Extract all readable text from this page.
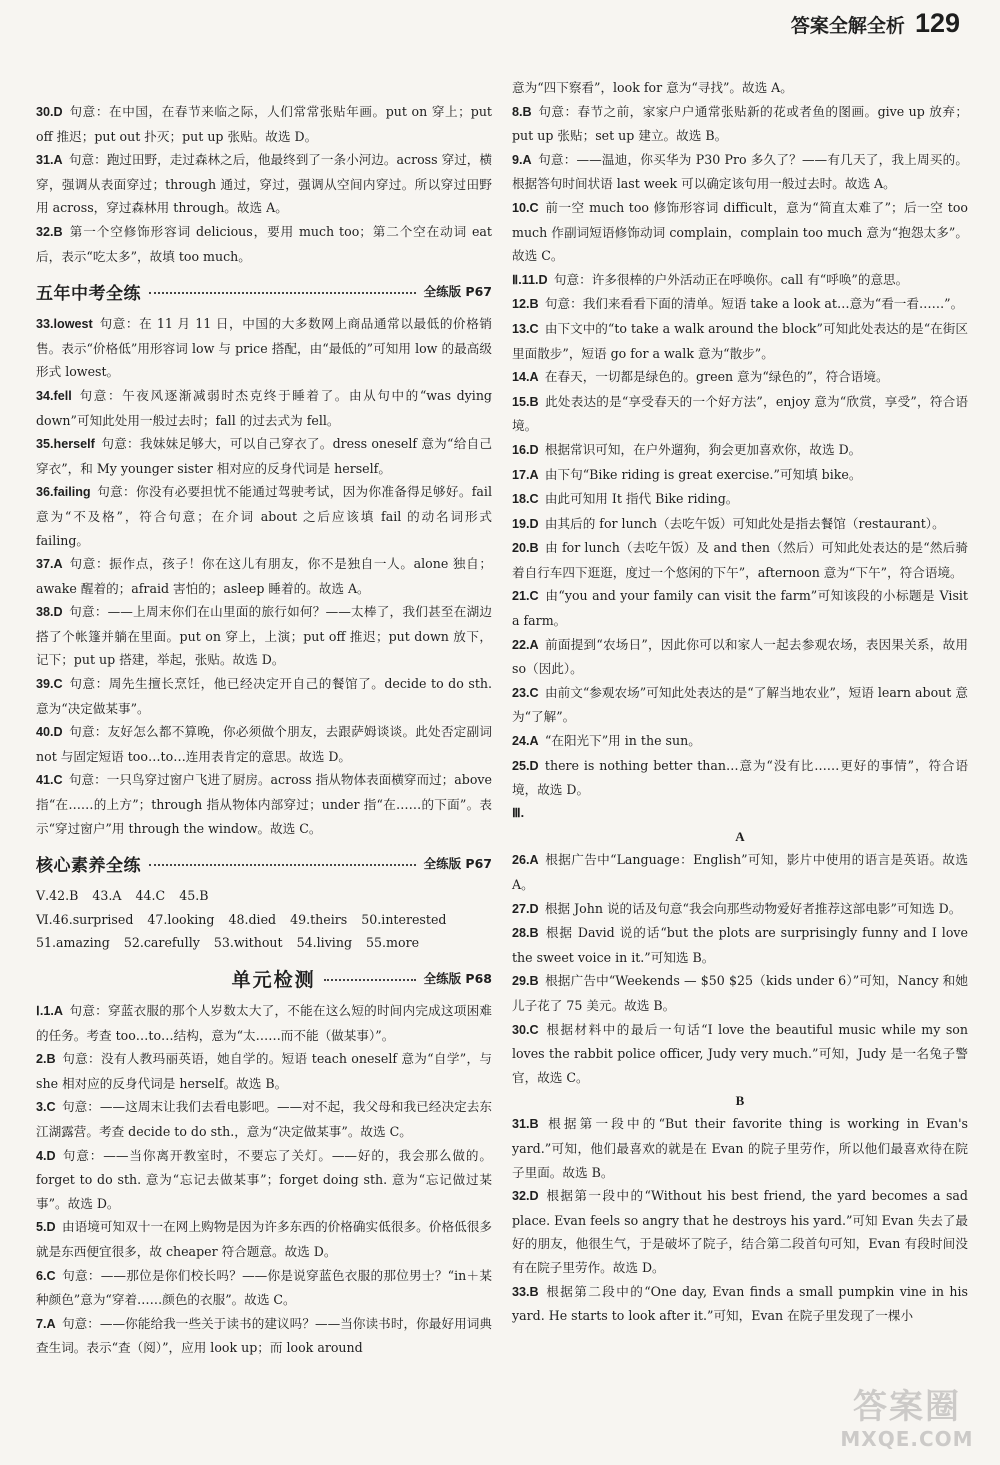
答案全解全析 129

30.D  句意：在中国，在春节来临之际，人们常常张贴年画。put on 穿上；put off 推迟；put out 扑灭；put up 张贴。故选 D。

31.A  句意：跑过田野，走过森林之后，他最终到了一条小河边。across 穿过，横穿，强调从表面穿过；through 通过，穿过，强调从空间内穿过。所以穿过田野用 across，穿过森林用 through。故选 A。

32.B  第一个空修饰形容词 delicious，要用 much too；第二个空在动词 eat 后，表示“吃太多”，故填 too much。

五年中考全练	全练版 P67

33.lowest  句意：在 11 月 11 日，中国的大多数网上商品通常以最低的价格销售。表示“价格低”用形容词 low 与 price 搭配，由“最低的”可知用 low 的最高级形式 lowest。

34.fell  句意：午夜风逐渐减弱时杰克终于睡着了。由从句中的“was dying down”可知此处用一般过去时；fall 的过去式为 fell。

35.herself  句意：我妹妹足够大，可以自己穿衣了。dress oneself 意为“给自己穿衣”，和 My younger sister 相对应的反身代词是 herself。

36.failing  句意：你没有必要担忧不能通过驾驶考试，因为你准备得足够好。fail 意为“不及格”，符合句意；在介词 about 之后应该填 fail 的动名词形式 failing。

37.A  句意：振作点，孩子！你在这儿有朋友，你不是独自一人。alone 独自；awake 醒着的；afraid 害怕的；asleep 睡着的。故选 A。

38.D  句意：——上周末你们在山里面的旅行如何？——太棒了，我们甚至在湖边搭了个帐篷并躺在里面。put on 穿上，上演；put off 推迟；put down 放下，记下；put up 搭建，举起，张贴。故选 D。

39.C  句意：周先生擅长烹饪，他已经决定开自己的餐馆了。decide to do sth. 意为“决定做某事”。

40.D  句意：友好怎么都不算晚，你必须做个朋友，去跟萨姆谈谈。此处否定副词 not 与固定短语 too…to…连用表肯定的意思。故选 D。

41.C  句意：一只鸟穿过窗户飞进了厨房。across 指从物体表面横穿而过；above 指“在……的上方”；through 指从物体内部穿过；under 指“在……的下面”。表示“穿过窗户”用 through the window。故选 C。

核心素养全练	全练版 P67

Ⅴ.42.B 43.A 44.C 45.B

Ⅵ.46.surprised 47.looking 48.died 49.theirs 50.interested

51.amazing 52.carefully 53.without 54.living 55.more

单元检测	全练版 P68

Ⅰ.1.A  句意：穿蓝衣服的那个人岁数太大了，不能在这么短的时间内完成这项困难的任务。考查 too…to…结构，意为“太……而不能（做某事）”。

2.B  句意：没有人教玛丽英语，她自学的。短语 teach oneself 意为“自学”，与 she 相对应的反身代词是 herself。故选 B。

3.C  句意：——这周末让我们去看电影吧。——对不起，我父母和我已经决定去东江湖露营。考查 decide to do sth.，意为“决定做某事”。故选 C。

4.D  句意：——当你离开教室时，不要忘了关灯。——好的，我会那么做的。forget to do sth. 意为“忘记去做某事”；forget doing sth. 意为“忘记做过某事”。故选 D。

5.D  由语境可知双十一在网上购物是因为许多东西的价格确实低很多。价格低很多就是东西便宜很多，故 cheaper 符合题意。故选 D。

6.C  句意：——那位是你们校长吗？——你是说穿蓝色衣服的那位男士？“in＋某种颜色”意为“穿着……颜色的衣服”。故选 C。

7.A  句意：——你能给我一些关于读书的建议吗？——当你读书时，你最好用词典查生词。表示“查（阅）”，应用 look up；而 look around

意为“四下察看”，look for 意为“寻找”。故选 A。

8.B  句意：春节之前，家家户户通常张贴新的花或者鱼的图画。give up 放弃；put up 张贴；set up 建立。故选 B。

9.A  句意：——温迪，你买华为 P30 Pro 多久了？——有几天了，我上周买的。根据答句时间状语 last week 可以确定该句用一般过去时。故选 A。

10.C  前一空 much too 修饰形容词 difficult，意为“简直太难了”；后一空 too much 作副词短语修饰动词 complain，complain too much 意为“抱怨太多”。故选 C。

Ⅱ.11.D  句意：许多很棒的户外活动正在呼唤你。call 有“呼唤”的意思。

12.B  句意：我们来看看下面的清单。短语 take a look at…意为“看一看……”。

13.C  由下文中的“to take a walk around the block”可知此处表达的是“在街区里面散步”，短语 go for a walk 意为“散步”。

14.A  在春天，一切都是绿色的。green 意为“绿色的”，符合语境。

15.B  此处表达的是“享受春天的一个好方法”，enjoy 意为“欣赏，享受”，符合语境。

16.D  根据常识可知，在户外遛狗，狗会更加喜欢你，故选 D。

17.A  由下句“Bike riding is great exercise.”可知填 bike。

18.C  由此可知用 It 指代 Bike riding。

19.D  由其后的 for lunch（去吃午饭）可知此处是指去餐馆（restaurant）。

20.B  由 for lunch（去吃午饭）及 and then（然后）可知此处表达的是“然后骑着自行车四下逛逛，度过一个悠闲的下午”，afternoon 意为“下午”，符合语境。

21.C  由“you and your family can visit the farm”可知该段的小标题是 Visit a farm。

22.A  前面提到“农场日”，因此你可以和家人一起去参观农场，表因果关系，故用 so（因此）。

23.C  由前文“参观农场”可知此处表达的是“了解当地农业”，短语 learn about 意为“了解”。

24.A  “在阳光下”用 in the sun。

25.D  there is nothing better than…意为“没有比……更好的事情”，符合语境，故选 D。

Ⅲ.

A

26.A  根据广告中“Language：English”可知，影片中使用的语言是英语。故选 A。

27.D  根据 John 说的话及句意“我会向那些动物爱好者推荐这部电影”可知选 D。

28.B  根据 David 说的话“but the plots are surprisingly funny and I love the sweet voice in it.”可知选 B。

29.B  根据广告中“Weekends — $50 $25（kids under 6）”可知，Nancy 和她儿子花了 75 美元。故选 B。

30.C  根据材料中的最后一句话“I love the beautiful music while my son loves the rabbit police officer, Judy very much.”可知，Judy 是一名兔子警官，故选 C。

B

31.B  根据第一段中的“But their favorite thing is working in Evan's yard.”可知，他们最喜欢的就是在 Evan 的院子里劳作，所以他们最喜欢待在院子里面。故选 B。

32.D  根据第一段中的“Without his best friend, the yard becomes a sad place. Evan feels so angry that he destroys his yard.”可知 Evan 失去了最好的朋友，他很生气，于是破坏了院子，结合第二段首句可知，Evan 有段时间没有在院子里劳作。故选 D。

33.B  根据第二段中的“One day, Evan finds a small pumpkin vine in his yard. He starts to look after it.”可知，Evan 在院子里发现了一棵小

答案圈
MXQE.COM
